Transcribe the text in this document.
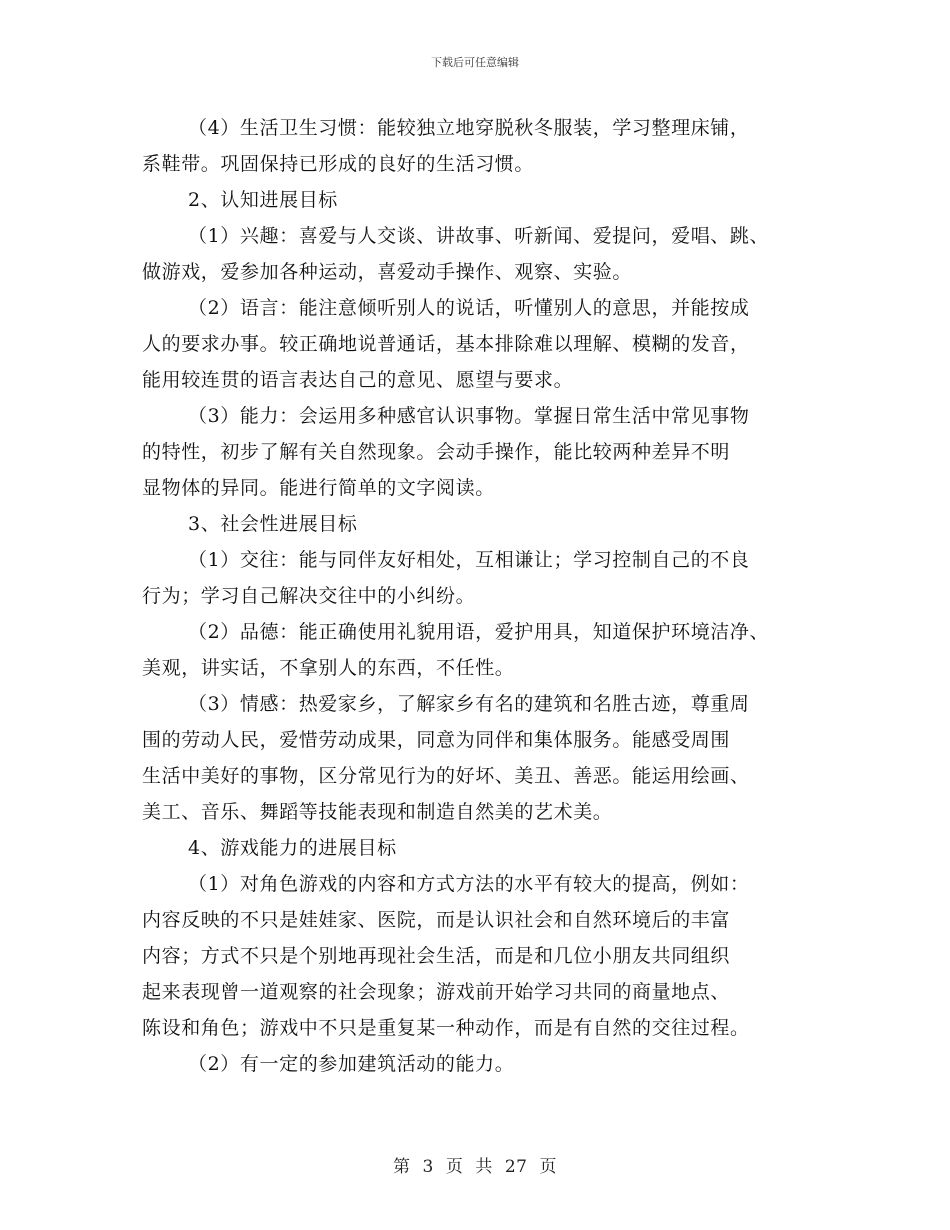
下载后可任意编辑
（4）生活卫生习惯：能较独立地穿脱秋冬服装，学习整理床铺，
系鞋带。巩固保持已形成的良好的生活习惯。
2、认知进展目标
（1）兴趣：喜爱与人交谈、讲故事、听新闻、爱提问，爱唱、跳、
做游戏，爱参加各种运动，喜爱动手操作、观察、实验。
（2）语言：能注意倾听别人的说话，听懂别人的意思，并能按成
人的要求办事。较正确地说普通话，基本排除难以理解、模糊的发音，
能用较连贯的语言表达自己的意见、愿望与要求。
（3）能力：会运用多种感官认识事物。掌握日常生活中常见事物
的特性，初步了解有关自然现象。会动手操作，能比较两种差异不明
显物体的异同。能进行简单的文字阅读。
3、社会性进展目标
（1）交往：能与同伴友好相处，互相谦让；学习控制自己的不良
行为；学习自己解决交往中的小纠纷。
（2）品德：能正确使用礼貌用语，爱护用具，知道保护环境洁净、
美观，讲实话，不拿别人的东西，不任性。
（3）情感：热爱家乡，了解家乡有名的建筑和名胜古迹，尊重周
围的劳动人民，爱惜劳动成果，同意为同伴和集体服务。能感受周围
生活中美好的事物，区分常见行为的好坏、美丑、善恶。能运用绘画、
美工、音乐、舞蹈等技能表现和制造自然美的艺术美。
4、游戏能力的进展目标
（1）对角色游戏的内容和方式方法的水平有较大的提高，例如：
内容反映的不只是娃娃家、医院，而是认识社会和自然环境后的丰富
内容；方式不只是个别地再现社会生活，而是和几位小朋友共同组织
起来表现曾一道观察的社会现象；游戏前开始学习共同的商量地点、
陈设和角色；游戏中不只是重复某一种动作，而是有自然的交往过程。
（2）有一定的参加建筑活动的能力。
第 3 页 共 27 页
